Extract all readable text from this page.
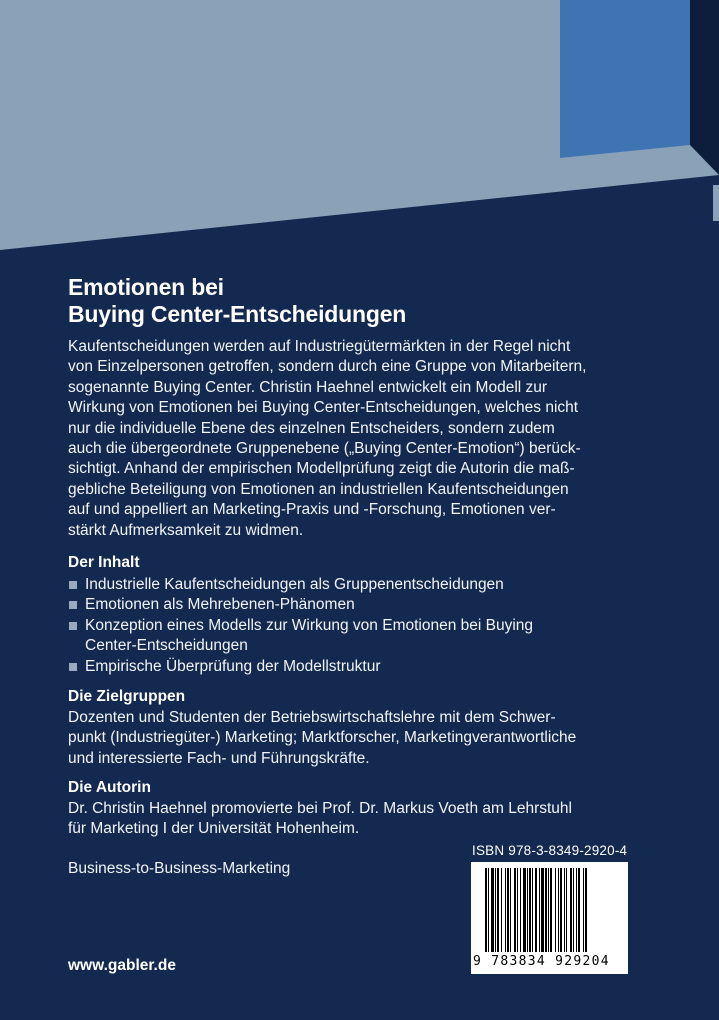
Emotionen bei
Buying Center-Entscheidungen
Kaufentscheidungen werden auf Industriegütermärkten in der Regel nicht
von Einzelpersonen getroffen, sondern durch eine Gruppe von Mitarbeitern,
sogenannte Buying Center. Christin Haehnel entwickelt ein Modell zur
Wirkung von Emotionen bei Buying Center-Entscheidungen, welches nicht
nur die individuelle Ebene des einzelnen Entscheiders, sondern zudem
auch die übergeordnete Gruppenebene („Buying Center-Emotion“) berück-
sichtigt. Anhand der empirischen Modellprüfung zeigt die Autorin die maß-
gebliche Beteiligung von Emotionen an industriellen Kaufentscheidungen
auf und appelliert an Marketing-Praxis und -Forschung, Emotionen ver-
stärkt Aufmerksamkeit zu widmen.
Der Inhalt
Industrielle Kaufentscheidungen als Gruppenentscheidungen
Emotionen als Mehrebenen-Phänomen
Konzeption eines Modells zur Wirkung von Emotionen bei Buying
Center-Entscheidungen
Empirische Überprüfung der Modellstruktur
Die Zielgruppen
Dozenten und Studenten der Betriebswirtschaftslehre mit dem Schwer-
punkt (Industriegüter-) Marketing; Marktforscher, Marketingverantwortliche
und interessierte Fach- und Führungskräfte.
Die Autorin
Dr. Christin Haehnel promovierte bei Prof. Dr. Markus Voeth am Lehrstuhl
für Marketing I der Universität Hohenheim.
Business-to-Business-Marketing
www.gabler.de
ISBN 978-3-8349-2920-4
9 783834 929204
